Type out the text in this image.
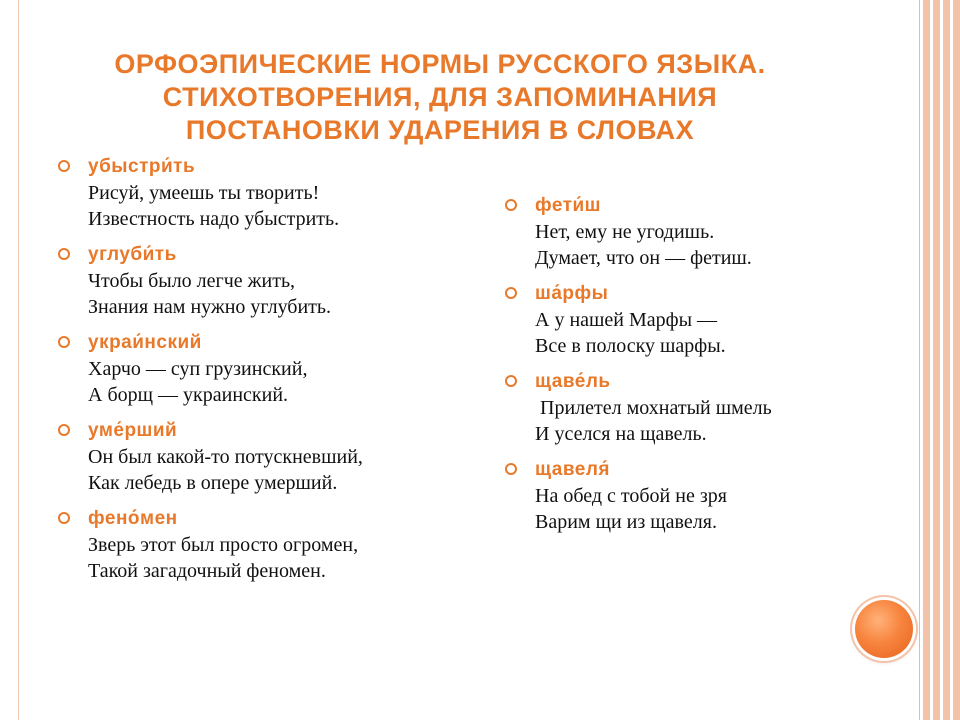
ОРФОЭПИЧЕСКИЕ НОРМЫ РУССКОГО ЯЗЫКА.
СТИХОТВОРЕНИЯ, ДЛЯ ЗАПОМИНАНИЯ
ПОСТАНОВКИ УДАРЕНИЯ В СЛОВАХ
убыстри́ть
Рисуй, умеешь ты творить!
Известность надо убыстрить.
углуби́ть
Чтобы было легче жить,
Знания нам нужно углубить.
украи́нский
Харчо — суп грузинский,
А борщ — украинский.
уме́рший
Он был какой-то потускневший,
Как лебедь в опере умерший.
фено́мен
Зверь этот был просто огромен,
Такой загадочный феномен.
фети́ш
Нет, ему не угодишь.
Думает, что он — фетиш.
ша́рфы
А у нашей Марфы —
Все в полоску шарфы.
щаве́ль
Прилетел мохнатый шмель
И уселся на щавель.
щавеля́
На обед с тобой не зря
Варим щи из щавеля.
